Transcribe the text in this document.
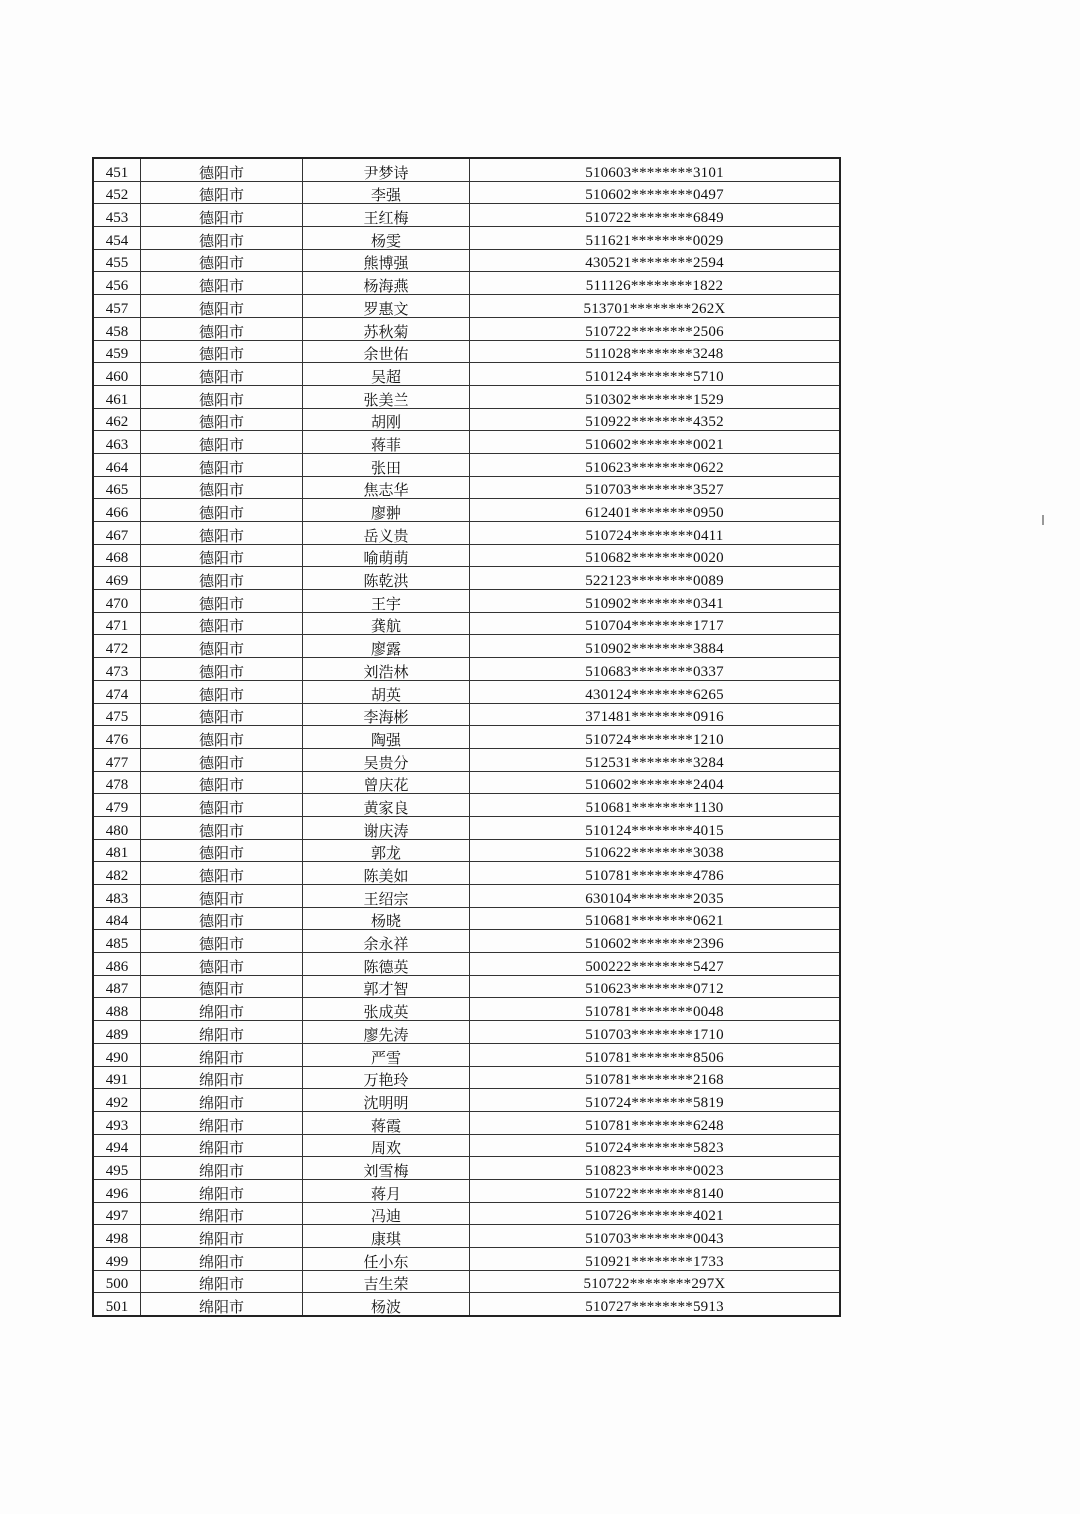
451	德阳市	尹梦诗	510603********3101
452	德阳市	李强	510602********0497
453	德阳市	王红梅	510722********6849
454	德阳市	杨雯	511621********0029
455	德阳市	熊博强	430521********2594
456	德阳市	杨海燕	511126********1822
457	德阳市	罗惠文	513701********262X
458	德阳市	苏秋菊	510722********2506
459	德阳市	余世佑	511028********3248
460	德阳市	吴超	510124********5710
461	德阳市	张美兰	510302********1529
462	德阳市	胡刚	510922********4352
463	德阳市	蒋菲	510602********0021
464	德阳市	张田	510623********0622
465	德阳市	焦志华	510703********3527
466	德阳市	廖翀	612401********0950
467	德阳市	岳义贵	510724********0411
468	德阳市	喻萌萌	510682********0020
469	德阳市	陈乾洪	522123********0089
470	德阳市	王宇	510902********0341
471	德阳市	龚航	510704********1717
472	德阳市	廖露	510902********3884
473	德阳市	刘浩林	510683********0337
474	德阳市	胡英	430124********6265
475	德阳市	李海彬	371481********0916
476	德阳市	陶强	510724********1210
477	德阳市	吴贵分	512531********3284
478	德阳市	曾庆花	510602********2404
479	德阳市	黄家良	510681********1130
480	德阳市	谢庆涛	510124********4015
481	德阳市	郭龙	510622********3038
482	德阳市	陈美如	510781********4786
483	德阳市	王绍宗	630104********2035
484	德阳市	杨晓	510681********0621
485	德阳市	余永祥	510602********2396
486	德阳市	陈德英	500222********5427
487	德阳市	郭才智	510623********0712
488	绵阳市	张成英	510781********0048
489	绵阳市	廖先涛	510703********1710
490	绵阳市	严雪	510781********8506
491	绵阳市	万艳玲	510781********2168
492	绵阳市	沈明明	510724********5819
493	绵阳市	蒋霞	510781********6248
494	绵阳市	周欢	510724********5823
495	绵阳市	刘雪梅	510823********0023
496	绵阳市	蒋月	510722********8140
497	绵阳市	冯迪	510726********4021
498	绵阳市	康琪	510703********0043
499	绵阳市	任小东	510921********1733
500	绵阳市	吉生荣	510722********297X
501	绵阳市	杨波	510727********5913
